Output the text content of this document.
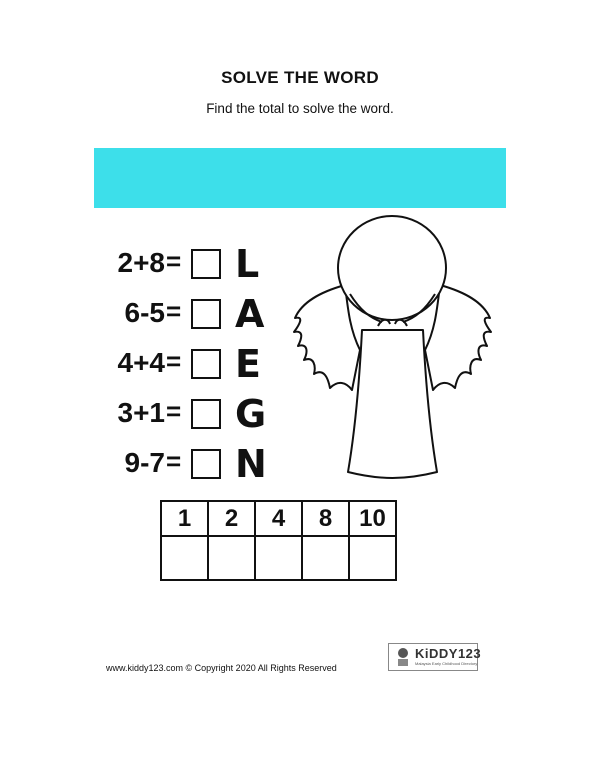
SOLVE THE WORD
Find the total to solve the word.
2+8 = L
6-5 = A
4+4 = E
3+1 = G
9-7 = N
1	2	4	8	10

www.kiddy123.com © Copyright 2020 All Rights Reserved
KiDDY123
Malaysia Early Childhood Directory
